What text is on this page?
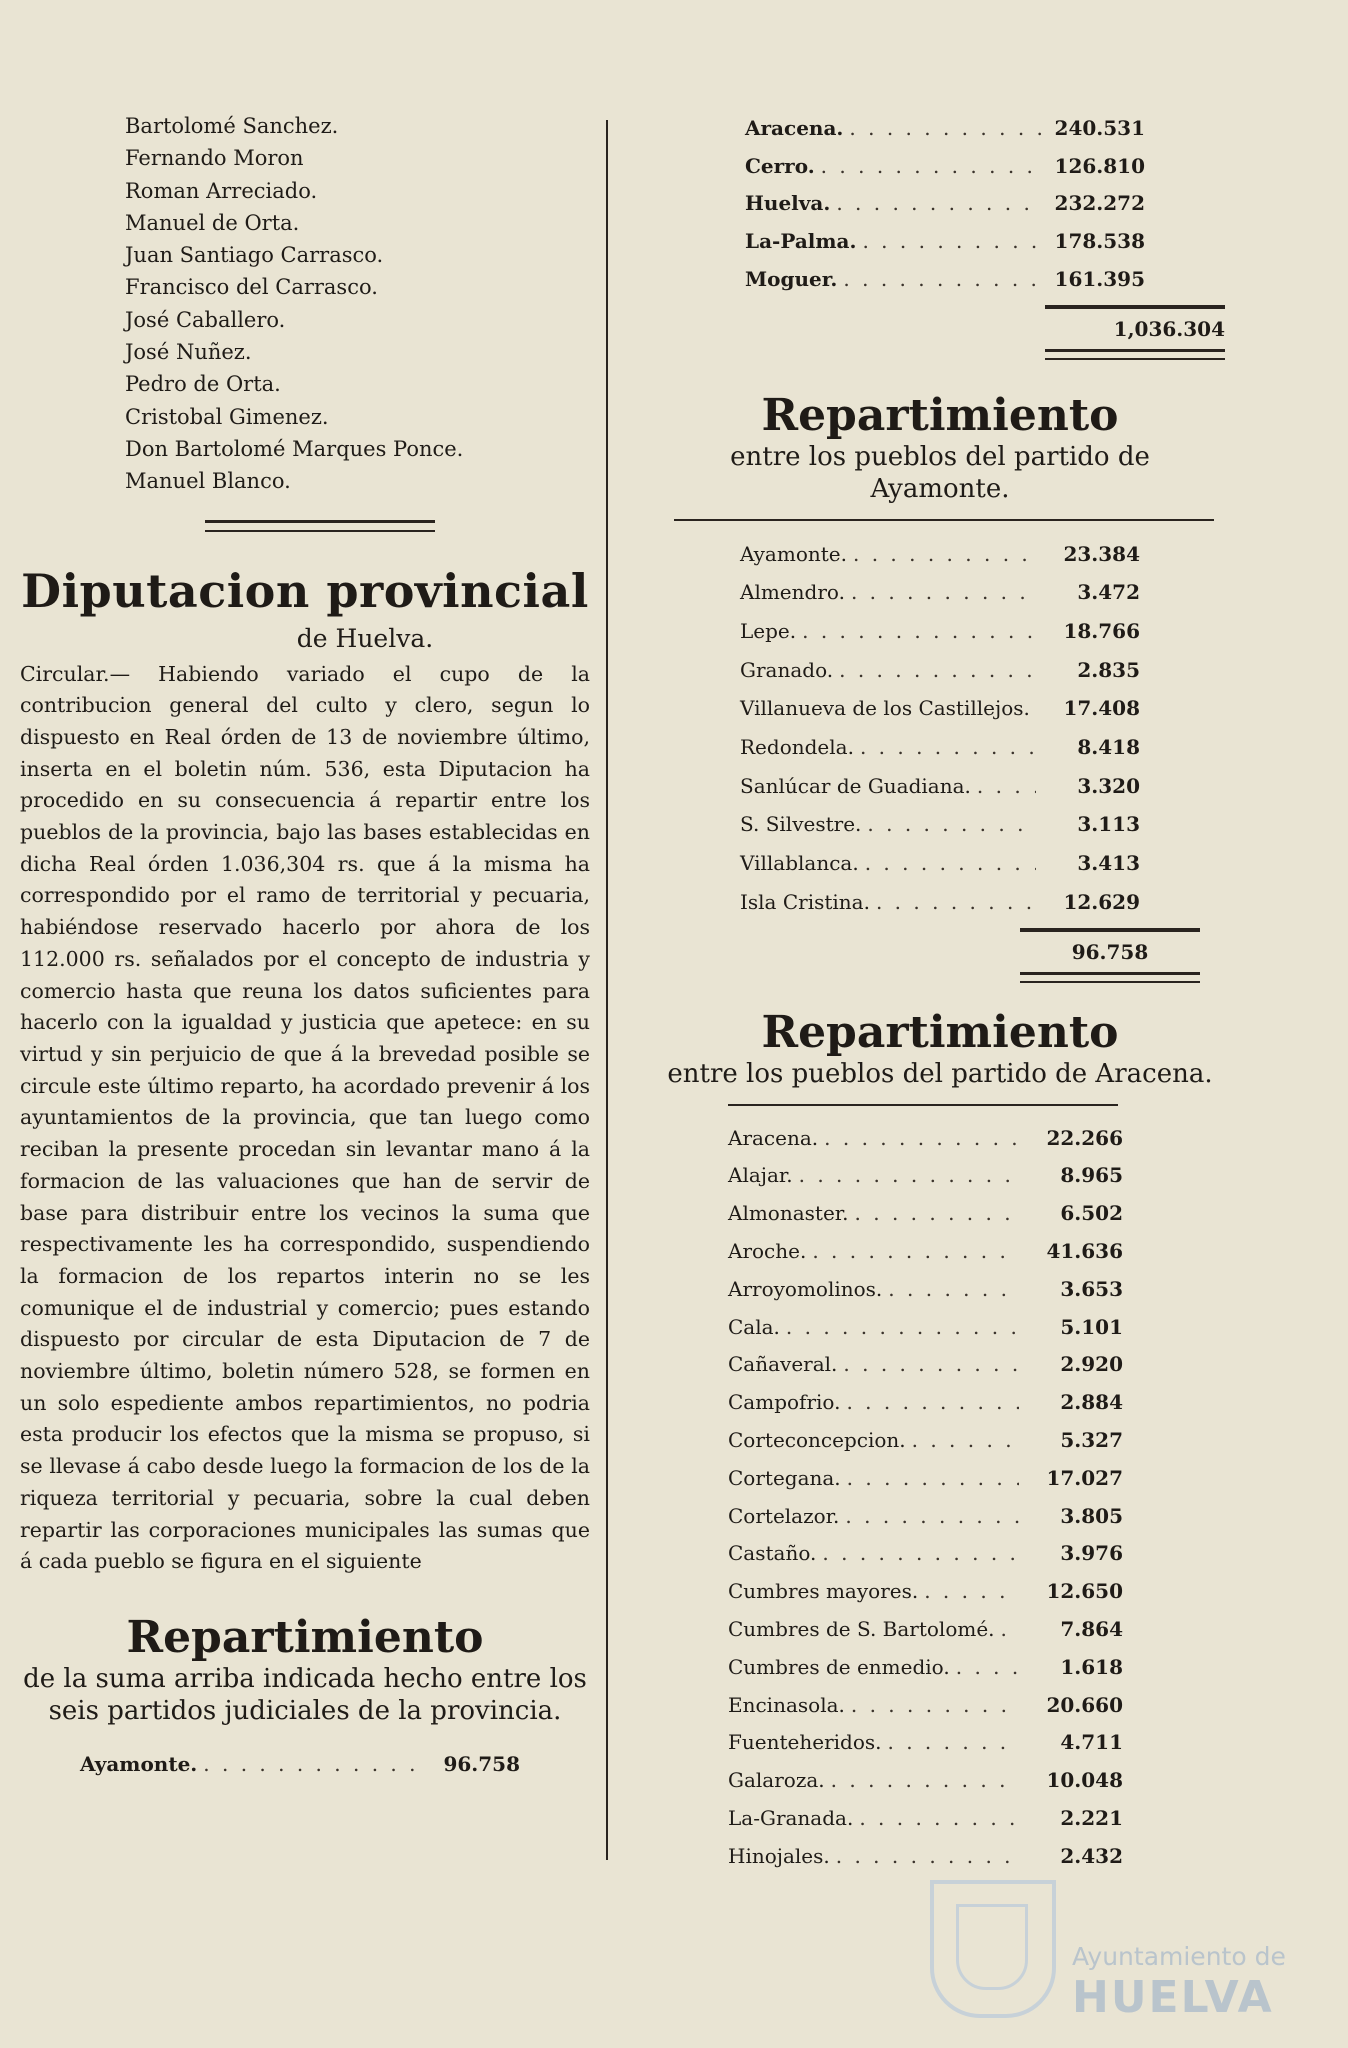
Bartolomé Sanchez.
Fernando Moron
Roman Arreciado.
Manuel de Orta.
Juan Santiago Carrasco.
Francisco del Carrasco.
José Caballero.
José Nuñez.
Pedro de Orta.
Cristobal Gimenez.
Don Bartolomé Marques Ponce.
Manuel Blanco.
Diputacion provincial
de Huelva.

Circular.— Habiendo variado el cupo de la contribucion general del culto y clero, segun lo dispuesto en Real órden de 13 de noviembre último, inserta en el boletin núm. 536, esta Diputacion ha procedido en su consecuencia á repartir entre los pueblos de la provincia, bajo las bases establecidas en dicha Real órden 1.036,304 rs. que á la misma ha correspondido por el ramo de territorial y pecuaria, habiéndose reservado hacerlo por ahora de los 112.000 rs. señalados por el concepto de industria y comercio hasta que reuna los datos suficientes para hacerlo con la igualdad y justicia que apetece: en su virtud y sin perjuicio de que á la brevedad posible se circule este último reparto, ha acordado prevenir á los ayuntamientos de la provincia, que tan luego como reciban la presente procedan sin levantar mano á la formacion de las valuaciones que han de servir de base para distribuir entre los vecinos la suma que respectivamente les ha correspondido, suspendiendo la formacion de los repartos interin no se les comunique el de industrial y comercio; pues estando dispuesto por circular de esta Diputacion de 7 de noviembre último, boletin número 528, se formen en un solo espediente ambos repartimientos, no podria esta producir los efectos que la misma se propuso, si se llevase á cabo desde luego la formacion de los de la riqueza territorial y pecuaria, sobre la cual deben repartir las corporaciones municipales las sumas que á cada pueblo se figura en el siguiente

Repartimiento
de la suma arriba indicada hecho entre los seis partidos judiciales de la provincia.
Ayamonte. . . .	96.758
Aracena. . . .	240.531
Cerro. . . .	126.810
Huelva. . . .	232.272
La-Palma. . . .	178.538
Moguer. . . .	161.395
1,036.304
Repartimiento
entre los pueblos del partido de Ayamonte.
Ayamonte. . . .	23.384
Almendro. . . .	3.472
Lepe. . . .	18.766
Granado. . . .	2.835
Villanueva de los Castillejos. . . .	17.408
Redondela. . . .	8.418
Sanlúcar de Guadiana. . . .	3.320
S. Silvestre. . . .	3.113
Villablanca. . . .	3.413
Isla Cristina. . . .	12.629
96.758
Repartimiento
entre los pueblos del partido de Aracena.
Aracena. . . .	22.266
Alajar. . . .	8.965
Almonaster. . . .	6.502
Aroche. . . .	41.636
Arroyomolinos. . . .	3.653
Cala. . . .	5.101
Cañaveral. . . .	2.920
Campofrio. . . .	2.884
Corteconcepcion. . . .	5.327
Cortegana. . . .	17.027
Cortelazor. . . .	3.805
Castaño. . . .	3.976
Cumbres mayores. . . .	12.650
Cumbres de S. Bartolomé. . . .	7.864
Cumbres de enmedio. . . .	1.618
Encinasola. . . .	20.660
Fuenteheridos. . . .	4.711
Galaroza. . . .	10.048
La-Granada. . . .	2.221
Hinojales. . . .	2.432
Ayuntamiento de
HUELVA
